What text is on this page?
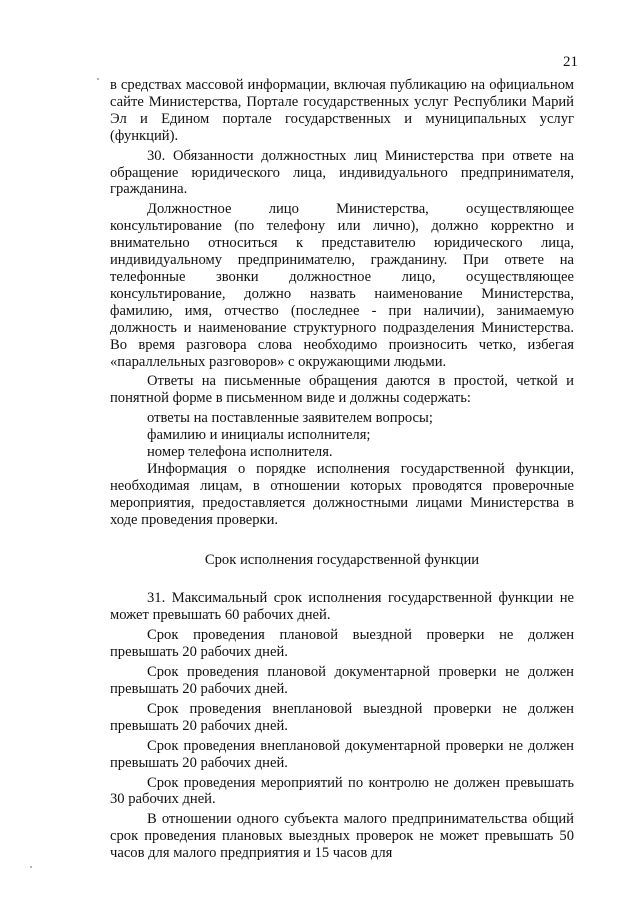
21

в средствах массовой информации, включая публикацию на официальном сайте Министерства, Портале государственных услуг Республики Марий Эл и Едином портале государственных и муниципальных услуг (функций).

30. Обязанности должностных лиц Министерства при ответе на обращение юридического лица, индивидуального предпринимателя, гражданина.

Должностное лицо Министерства, осуществляющее консультирование (по телефону или лично), должно корректно и внимательно относиться к представителю юридического лица, индивидуальному предпринимателю, гражданину. При ответе на телефонные звонки должностное лицо, осуществляющее консультирование, должно назвать наименование Министерства, фамилию, имя, отчество (последнее - при наличии), занимаемую должность и наименование структурного подразделения Министерства. Во время разговора слова необходимо произносить четко, избегая «параллельных разговоров» с окружающими людьми.

Ответы на письменные обращения даются в простой, четкой и понятной форме в письменном виде и должны содержать:

ответы на поставленные заявителем вопросы;

фамилию и инициалы исполнителя;

номер телефона исполнителя.

Информация о порядке исполнения государственной функции, необходимая лицам, в отношении которых проводятся проверочные мероприятия, предоставляется должностными лицами Министерства в ходе проведения проверки.

Срок исполнения государственной функции

31. Максимальный срок исполнения государственной функции не может превышать 60 рабочих дней.

Срок проведения плановой выездной проверки не должен превышать 20 рабочих дней.

Срок проведения плановой документарной проверки не должен превышать 20 рабочих дней.

Срок проведения внеплановой выездной проверки не должен превышать 20 рабочих дней.

Срок проведения внеплановой документарной проверки не должен превышать 20 рабочих дней.

Срок проведения мероприятий по контролю не должен превышать 30 рабочих дней.

В отношении одного субъекта малого предпринимательства общий срок проведения плановых выездных проверок не может превышать 50 часов для малого предприятия и 15 часов для
